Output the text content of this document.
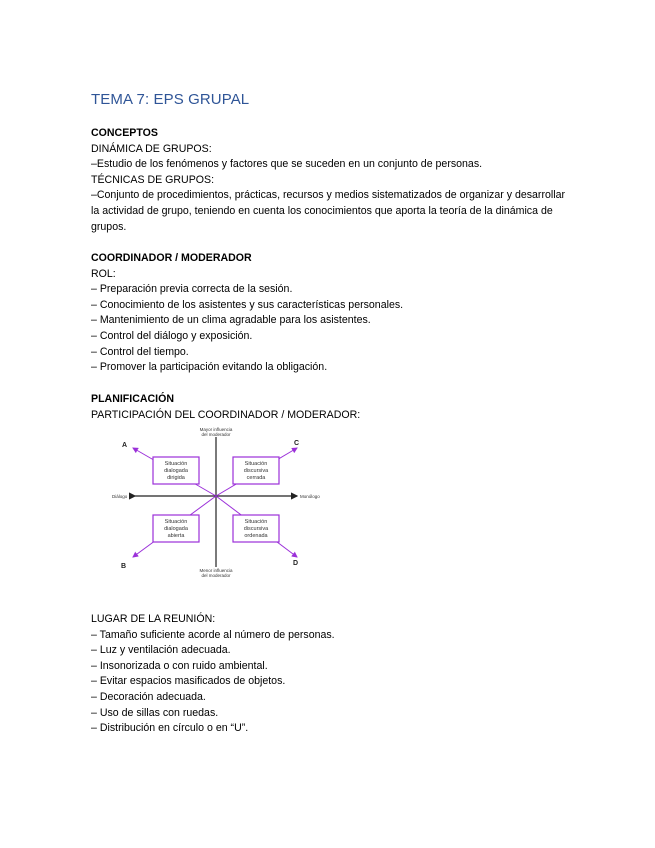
TEMA 7: EPS GRUPAL
CONCEPTOS
DINÁMICA DE GRUPOS:
–Estudio de los fenómenos y factores que se suceden en un conjunto de personas.
TÉCNICAS DE GRUPOS:
–Conjunto de procedimientos, prácticas, recursos y medios sistematizados de organizar y desarrollar la actividad de grupo, teniendo en cuenta los conocimientos que aporta la teoría de la dinámica de grupos.
COORDINADOR / MODERADOR
ROL:
– Preparación previa correcta de la sesión.
– Conocimiento de los asistentes y sus características personales.
– Mantenimiento de un clima agradable para los asistentes.
– Control del diálogo y exposición.
– Control del tiempo.
– Promover la participación evitando la obligación.
PLANIFICACIÓN
PARTICIPACIÓN DEL COORDINADOR / MODERADOR:
Situación
dialogada
dirigida
Situación
discursiva
cerrada
Situación
dialogada
abierta
Situación
discursiva
ordenada
Mayor influencia
del moderador
Menor influencia
del moderador
Diálogo	Monólogo
A	C
B	D
LUGAR DE LA REUNIÓN:
– Tamaño suficiente acorde al número de personas.
– Luz y ventilación adecuada.
– Insonorizada o con ruido ambiental.
– Evitar espacios masificados de objetos.
– Decoración adecuada.
– Uso de sillas con ruedas.
– Distribución en círculo o en “U”.
